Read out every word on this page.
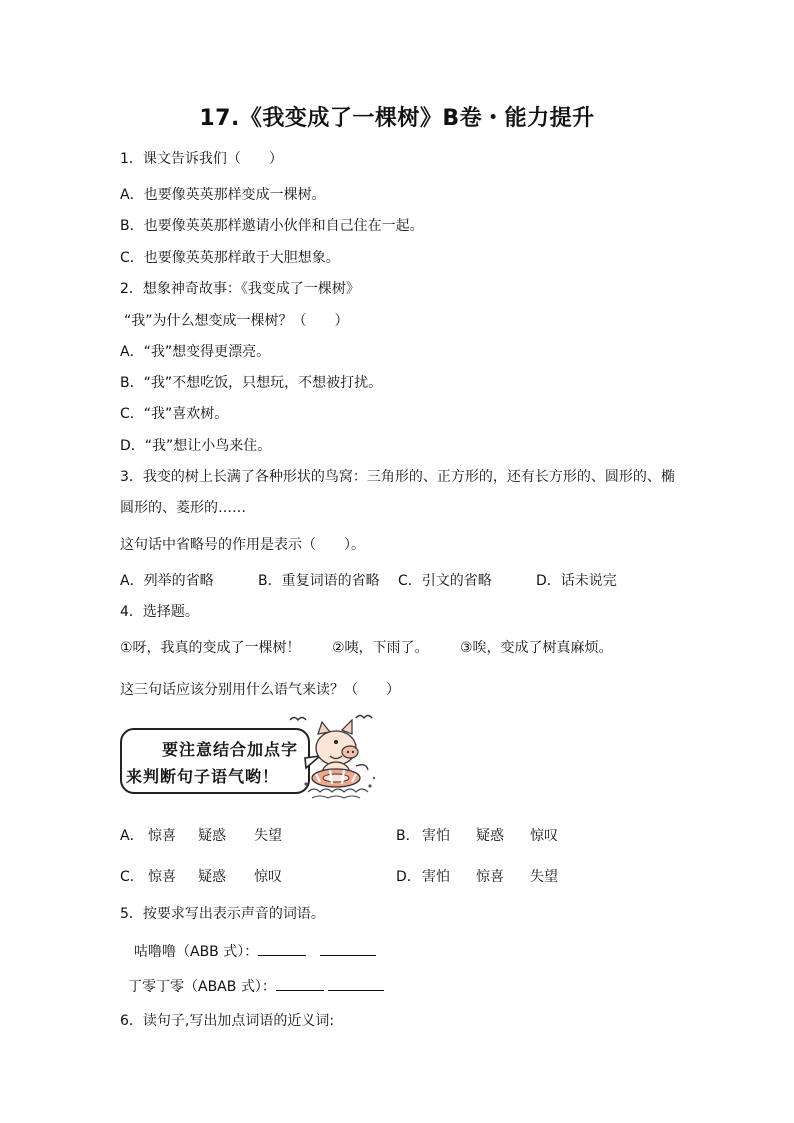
17.《我变成了一棵树》B卷・能力提升
1．课文告诉我们（　　）
A．也要像英英那样变成一棵树。
B．也要像英英那样邀请小伙伴和自己住在一起。
C．也要像英英那样敢于大胆想象。
2．想象神奇故事：《我变成了一棵树》
“我”为什么想变成一棵树？（　　）
A．“我”想变得更漂亮。
B．“我”不想吃饭，只想玩，不想被打扰。
C．“我”喜欢树。
D．“我”想让小鸟来住。
3．我变的树上长满了各种形状的鸟窝：三角形的、正方形的，还有长方形的、圆形的、椭
圆形的、菱形的……
这句话中省略号的作用是表示（　　）。
A．列举的省略	B．重复词语的省略 C．引文的省略	D．话未说完
4．选择题。
①呀，我真的变成了一棵树！ ②咦，下雨了。 ③唉，变成了树真麻烦。
这三句话应该分别用什么语气来读？（　　）
要注意结合加点字
来判断句子语气哟！
A． 惊喜 疑惑 失望	B． 害怕 疑惑 惊叹
C． 惊喜 疑惑 惊叹	D． 害怕 惊喜 失望
5．按要求写出表示声音的词语。
咕噜噜（ABB 式）：
丁零丁零（ABAB 式）：
6．读句子,写出加点词语的近义词:
